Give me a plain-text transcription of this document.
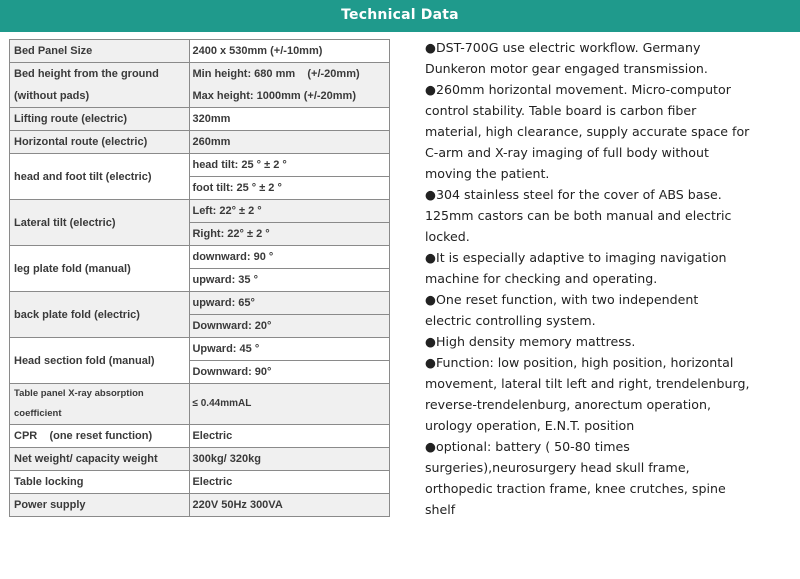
Technical Data
Bed Panel Size	2400 x 530mm (+/-10mm)

Bed height from the ground
(without pads)	Min height: 680 mm    (+/-20mm)
Max height: 1000mm (+/-20mm)

Lifting route (electric)	320mm
Horizontal route (electric)	260mm
head and foot tilt (electric)	head tilt: 25 ° ± 2 °
	foot tilt: 25 ° ± 2 °
Lateral tilt (electric)	Left: 22° ± 2 °
	Right: 22° ± 2 °
leg plate fold (manual)	downward: 90 °
	upward: 35 °
back plate fold (electric)	upward: 65°
	Downward: 20°
Head section fold (manual)	Upward: 45 °
	Downward: 90°

Table panel X-ray absorption
coefficient	≤ 0.44mmAL
CPR    (one reset function)	Electric
Net weight/ capacity weight	300kg/ 320kg
Table locking	Electric
Power supply	220V 50Hz 300VA
●DST-700G use electric workflow. Germany
Dunkeron motor gear engaged transmission.
●260mm horizontal movement. Micro-computor
control stability. Table board is carbon fiber
material, high clearance, supply accurate space for
C-arm and X-ray imaging of full body without
moving the patient.
●304 stainless steel for the cover of ABS base.
125mm castors can be both manual and electric
locked.
●It is especially adaptive to imaging navigation
machine for checking and operating.
●One reset function, with two independent
electric controlling system.
●High density memory mattress.
●Function: low position, high position, horizontal
movement, lateral tilt left and right, trendelenburg,
reverse-trendelenburg, anorectum operation,
urology operation, E.N.T. position
●optional: battery ( 50-80 times
surgeries),neurosurgery head skull frame,
orthopedic traction frame, knee crutches, spine
shelf
